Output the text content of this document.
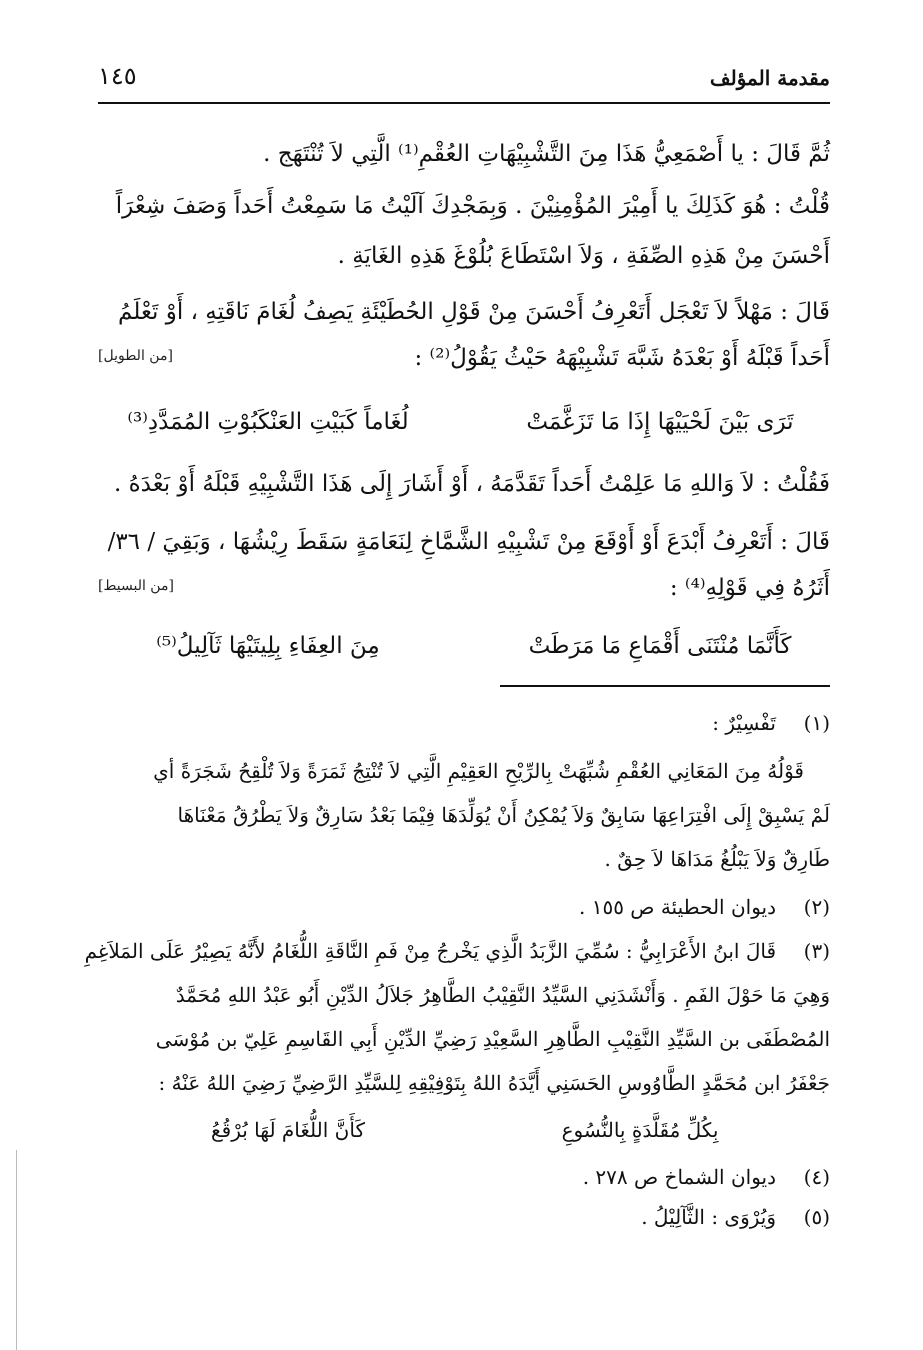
مقدمة المؤلف
١٤٥
ثُمَّ قَالَ : يا أَصْمَعِيُّ هَذَا مِنَ التَّشْبِيْهَاتِ العُقْمِ⁽¹⁾ الَّتِي لاَ تُنْتَهَج .
قُلْتُ : هُوَ كَذَلِكَ يا أَمِيْرَ المُؤْمِنِيْنَ . وَبِمَجْدِكَ آلَيْتُ مَا سَمِعْتُ أَحَداً وَصَفَ شِعْرَاً
أَحْسَنَ مِنْ هَذِهِ الصِّفَةِ ، وَلاَ اسْتَطَاعَ بُلُوْغَ هَذِهِ الغَايَةِ .
قَالَ : مَهْلاً لاَ تَعْجَل أَتَعْرِفُ أَحْسَنَ مِنْ قَوْلِ الحُطَيْئَةِ يَصِفُ لُغَامَ نَاقَتِهِ ، أَوْ تَعْلَمُ
أَحَداً قَبْلَهُ أَوْ بَعْدَهُ شَبَّهَ تَشْبِيْهَهُ حَيْثُ يَقُوْلُ⁽²⁾ :
[من الطويل]
تَرَى بَيْنَ لَحْيَيْهَا إِذَا مَا تَزَغَّمَتْ
لُغَاماً كَبَيْتِ العَنْكَبُوْتِ المُمَدَّدِ⁽³⁾
فَقُلْتُ : لاَ وَاللهِ مَا عَلِمْتُ أَحَداً تَقَدَّمَهُ ، أَوْ أَشَارَ إِلَى هَذَا التَّشْبِيْهِ قَبْلَهُ أَوْ بَعْدَهُ .
قَالَ : أَتَعْرِفُ أَبْدَعَ أَوْ أَوْقَعَ مِنْ تَشْبِيْهِ الشَّمَّاخِ لِنَعَامَةٍ سَقَطَ رِيْشُهَا ، وَبَقِيَ / ٣٦/
أَثَرُهُ فِي قَوْلِهِ⁽⁴⁾ :
[من البسيط]
كَأَنَّمَا مُنْتَنَى أَقْمَاعِ مَا مَرَطَتْ
مِنَ العِفَاءِ بِلِيتَيْهَا ثَآلِيلُ⁽⁵⁾
(١)
تَفْسِيْرٌ :
قَوْلُهُ مِنَ المَعَانِي العُقْمِ شُبِّهَتْ بِالرِّيْحِ العَقِيْمِ الَّتِي لاَ تُنْتِجُ ثَمَرَةً وَلاَ تُلْقِحُ شَجَرَةً أي
لَمْ يَسْبِقْ إِلَى افْتِرَاعِهَا سَابِقٌ وَلاَ يُمْكِنُ أَنْ يُوَلِّدَهَا فِيْمَا بَعْدُ سَارِقٌ وَلاَ يَطْرُقُ مَعْنَاهَا
طَارِقٌ وَلاَ يَبْلُغُ مَدَاهَا لاَ حِقٌ .
(٢)
ديوان الحطيئة ص ١٥٥ .
(٣)
قَالَ ابنُ الأَعْرَابِيُّ : سُمِّيَ الزَّبَدُ الَّذِي يَخْرجُ مِنْ فَمِ النَّاقَةِ اللُّغَامُ لأَنَّهُ يَصِيْرُ عَلَى المَلاَغِمِ
وَهِيَ مَا حَوْلَ الفَمِ . وَأَنْشَدَنِي السَّيِّدُ النَّقِيْبُ الطَّاهِرُ جَلاَلُ الدِّيْنِ أَبُو عَبْدُ اللهِ مُحَمَّدٌ
المُصْطَفَى بن السَّيِّدِ النَّقِيْبِ الطَّاهِرِ السَّعِيْدِ رَضِيِّ الدِّيْنِ أَبِي القَاسِمِ عَلِيّ بن مُوْسَى
جَعْفَرُ ابن مُحَمَّدٍ الطَّاوُوسِ الحَسَنِي أَيَّدَهُ اللهُ بِتَوْفِيْقِهِ لِلسَّيِّدِ الرَّضِيِّ رَضِيَ اللهُ عَنْهُ :
بِكُلِّ مُقَلَّدَةٍ بِالنُّسُوعِ
كَأَنَّ اللُّغَامَ لَهَا بُرْقُعُ
(٤)
ديوان الشماخ ص ٢٧٨ .
(٥)
وَيُرْوَى : الثَّآلِيْلُ .
